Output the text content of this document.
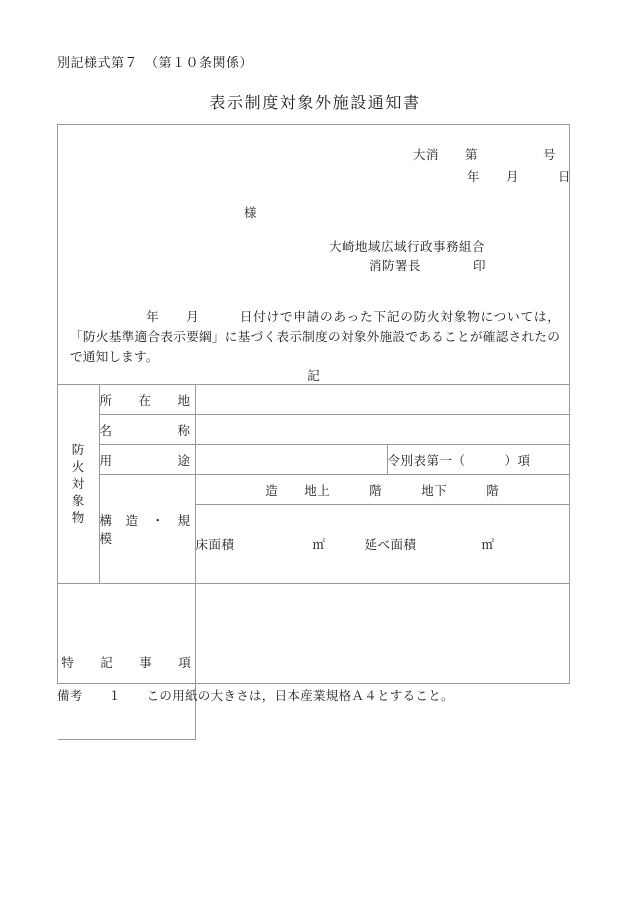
別記様式第７　（第１０条関係）
表示制度対象外施設通知書
大消　　第　　　　　号
年　　月　　　日
様
大崎地域広域行政事務組合
消防署長　　　　印
年　　月　　　日付けで申請のあった下記の防火対象物については，「防火基準適合表示要綱」に基づく表示制度の対象外施設であることが確認されたので通知します。
記
防
火
対
象
物	所　　在　　地		
	名　　　　　称		
	用　　　　　途		令別表第一（　　　）項
	構　造　・　規　模	造　　地上　　　階　　　地下　　　階	

		床面積　　　　　　㎡　　　延べ面積　　　　　㎡	

特　　記　　事　　項			
備考　　１　　この用紙の大きさは，日本産業規格Ａ４とすること。
